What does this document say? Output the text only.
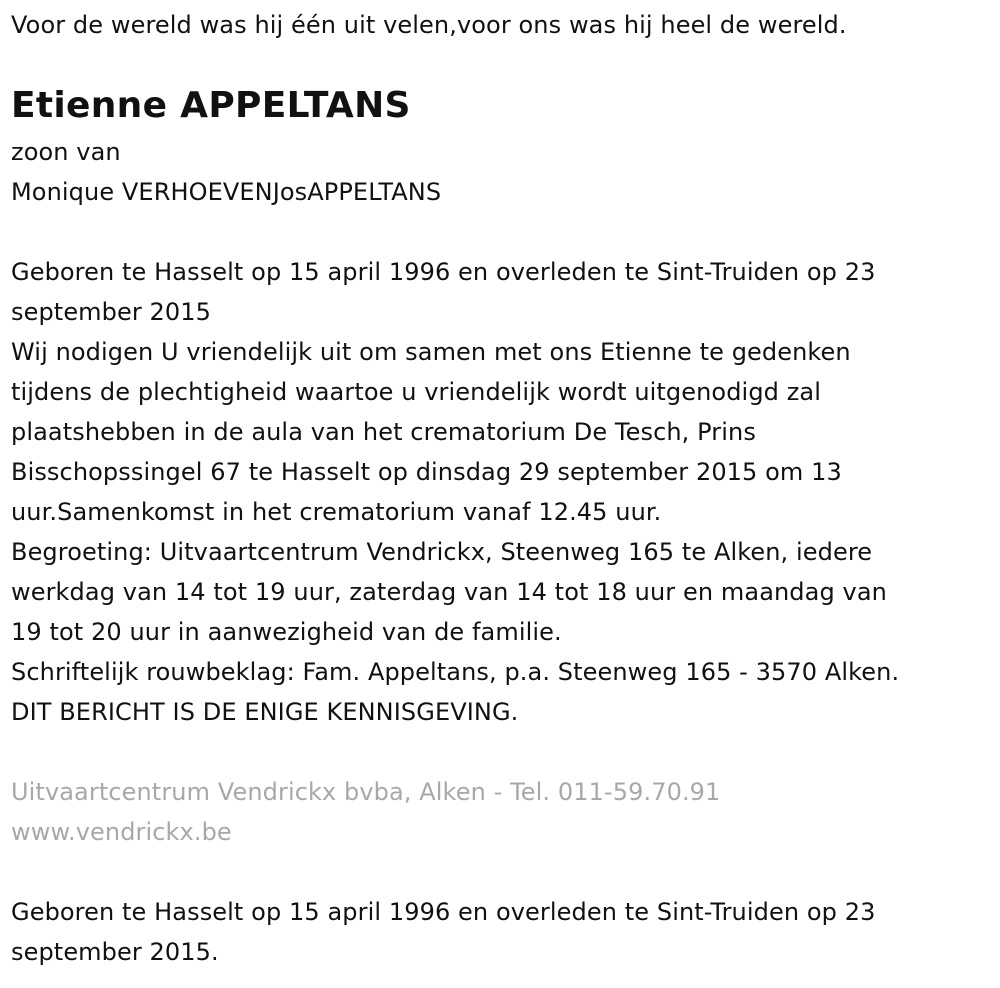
Voor de wereld was hij één uit velen,voor ons was hij heel de wereld.
Etienne APPELTANS
zoon van
Monique VERHOEVENJosAPPELTANS
Geboren te Hasselt op 15 april 1996 en overleden te Sint-Truiden op 23
september 2015
Wij nodigen U vriendelijk uit om samen met ons Etienne te gedenken
tijdens de plechtigheid waartoe u vriendelijk wordt uitgenodigd zal
plaatshebben in de aula van het crematorium De Tesch, Prins
Bisschopssingel 67 te Hasselt op dinsdag 29 september 2015 om 13
uur.Samenkomst in het crematorium vanaf 12.45 uur.
Begroeting: Uitvaartcentrum Vendrickx, Steenweg 165 te Alken, iedere
werkdag van 14 tot 19 uur, zaterdag van 14 tot 18 uur en maandag van
19 tot 20 uur in aanwezigheid van de familie.
Schriftelijk rouwbeklag: Fam. Appeltans, p.a. Steenweg 165 - 3570 Alken.
DIT BERICHT IS DE ENIGE KENNISGEVING.
Uitvaartcentrum Vendrickx bvba, Alken - Tel. 011-59.70.91
www.vendrickx.be
Geboren te Hasselt op 15 april 1996 en overleden te Sint-Truiden op 23
september 2015.
